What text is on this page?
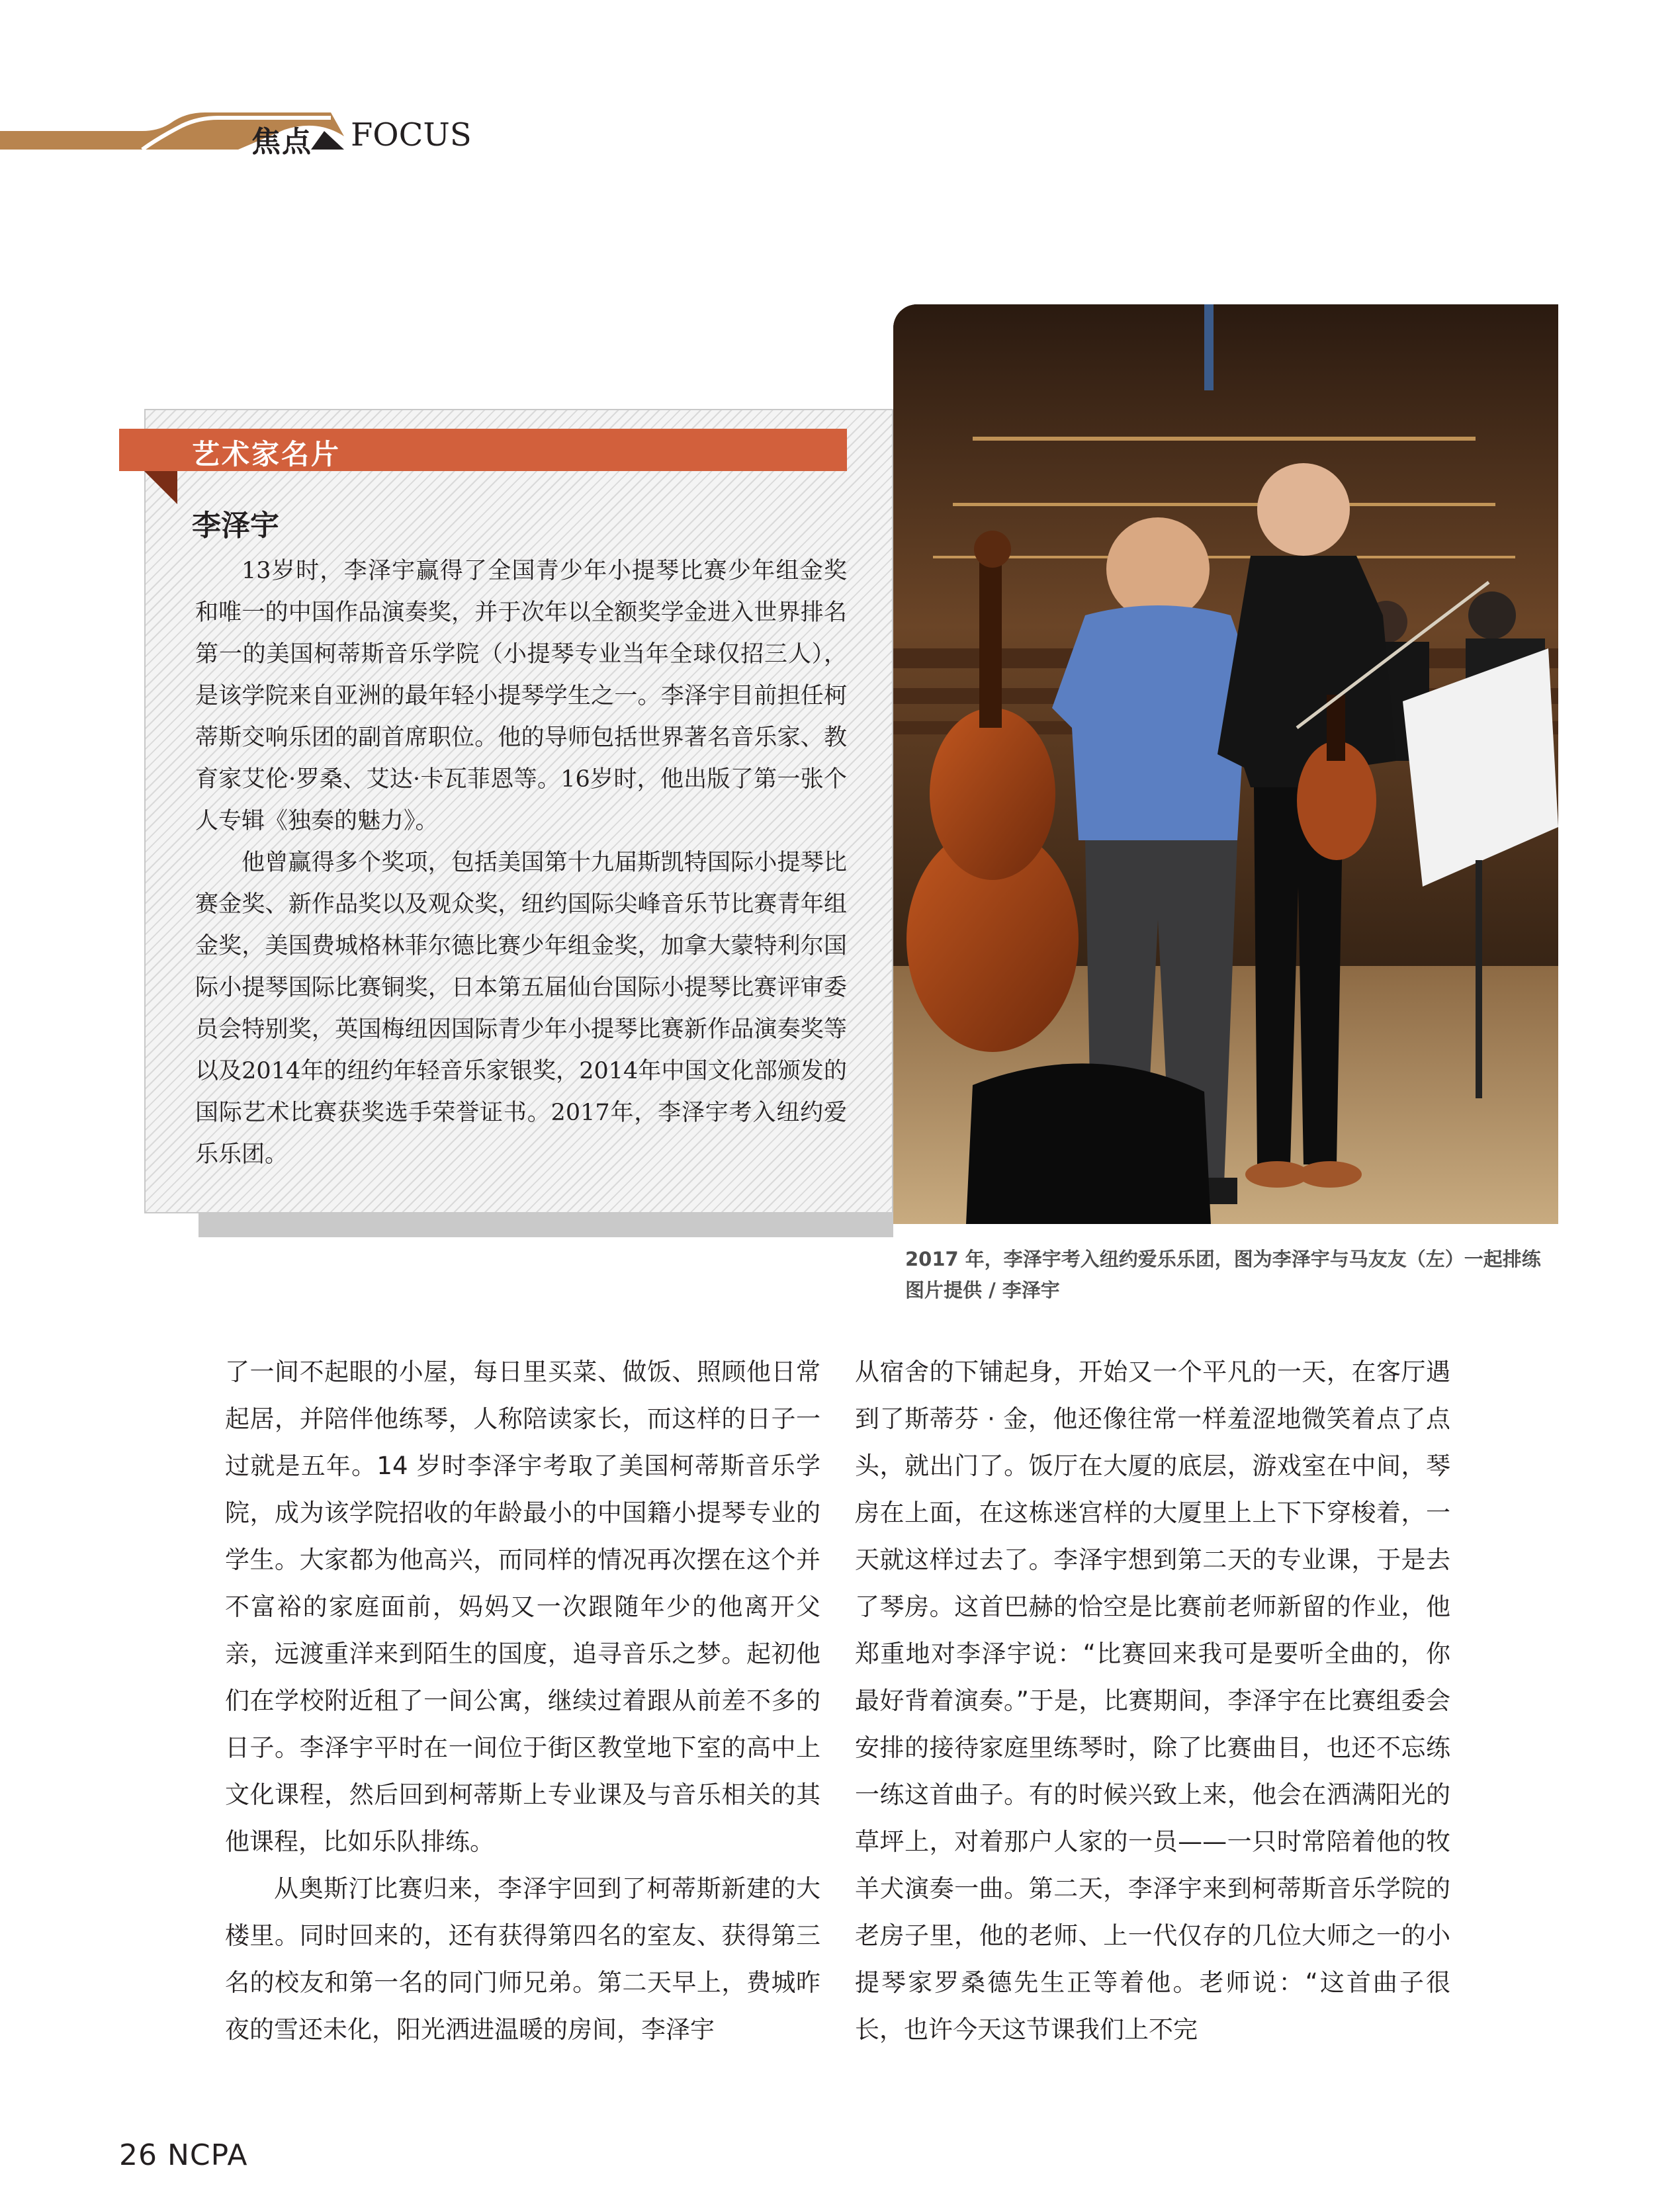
焦点 FOCUS
艺术家名片
李泽宇

13岁时，李泽宇赢得了全国青少年小提琴比赛少年组金奖和唯一的中国作品演奏奖，并于次年以全额奖学金进入世界排名第一的美国柯蒂斯音乐学院（小提琴专业当年全球仅招三人），是该学院来自亚洲的最年轻小提琴学生之一。李泽宇目前担任柯蒂斯交响乐团的副首席职位。他的导师包括世界著名音乐家、教育家艾伦·罗桑、艾达·卡瓦菲恩等。16岁时，他出版了第一张个人专辑《独奏的魅力》。

他曾赢得多个奖项，包括美国第十九届斯凯特国际小提琴比赛金奖、新作品奖以及观众奖，纽约国际尖峰音乐节比赛青年组金奖，美国费城格林菲尔德比赛少年组金奖，加拿大蒙特利尔国际小提琴国际比赛铜奖，日本第五届仙台国际小提琴比赛评审委员会特别奖，英国梅纽因国际青少年小提琴比赛新作品演奏奖等以及2014年的纽约年轻音乐家银奖，2014年中国文化部颁发的国际艺术比赛获奖选手荣誉证书。2017年，李泽宇考入纽约爱乐乐团。

2017 年，李泽宇考入纽约爱乐乐团，图为李泽宇与马友友（左）一起排练 图片提供 / 李泽宇

了一间不起眼的小屋，每日里买菜、做饭、照顾他日常起居，并陪伴他练琴，人称陪读家长，而这样的日子一过就是五年。14 岁时李泽宇考取了美国柯蒂斯音乐学院，成为该学院招收的年龄最小的中国籍小提琴专业的学生。大家都为他高兴，而同样的情况再次摆在这个并不富裕的家庭面前，妈妈又一次跟随年少的他离开父亲，远渡重洋来到陌生的国度，追寻音乐之梦。起初他们在学校附近租了一间公寓，继续过着跟从前差不多的日子。李泽宇平时在一间位于街区教堂地下室的高中上文化课程，然后回到柯蒂斯上专业课及与音乐相关的其他课程，比如乐队排练。

从奥斯汀比赛归来，李泽宇回到了柯蒂斯新建的大楼里。同时回来的，还有获得第四名的室友、获得第三名的校友和第一名的同门师兄弟。第二天早上，费城昨夜的雪还未化，阳光洒进温暖的房间，李泽宇

从宿舍的下铺起身，开始又一个平凡的一天，在客厅遇到了斯蒂芬 · 金，他还像往常一样羞涩地微笑着点了点头，就出门了。饭厅在大厦的底层，游戏室在中间，琴房在上面，在这栋迷宫样的大厦里上上下下穿梭着，一天就这样过去了。李泽宇想到第二天的专业课，于是去了琴房。这首巴赫的恰空是比赛前老师新留的作业，他郑重地对李泽宇说：“比赛回来我可是要听全曲的，你最好背着演奏。”于是，比赛期间，李泽宇在比赛组委会安排的接待家庭里练琴时，除了比赛曲目，也还不忘练一练这首曲子。有的时候兴致上来，他会在洒满阳光的草坪上，对着那户人家的一员——一只时常陪着他的牧羊犬演奏一曲。第二天，李泽宇来到柯蒂斯音乐学院的老房子里，他的老师、上一代仅存的几位大师之一的小提琴家罗桑德先生正等着他。老师说：“这首曲子很长，也许今天这节课我们上不完

26 NCPA
